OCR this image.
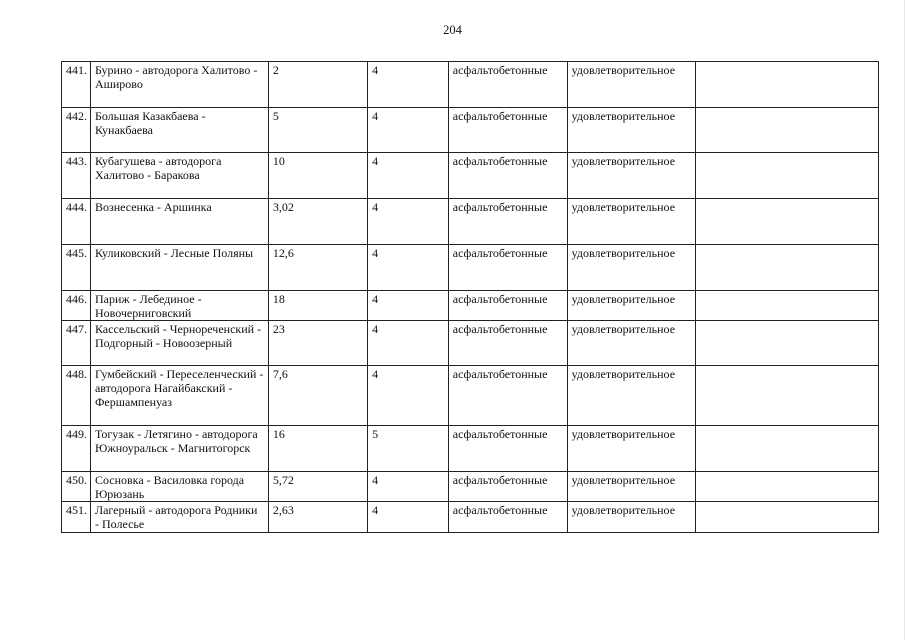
204
441.	Бурино - автодорога Халитово - Аширово	2	4	асфальтобетонные	удовлетворительное	
442.	Большая Казакбаева - Кунакбаева	5	4	асфальтобетонные	удовлетворительное	
443.	Кубагушева - автодорога Халитово - Баракова	10	4	асфальтобетонные	удовлетворительное	
444.	Вознесенка - Аршинка	3,02	4	асфальтобетонные	удовлетворительное	
445.	Куликовский - Лесные Поляны	12,6	4	асфальтобетонные	удовлетворительное	
446.	Париж - Лебединое - Новочерниговский	18	4	асфальтобетонные	удовлетворительное	
447.	Кассельский - Чернореченский - Подгорный - Новоозерный	23	4	асфальтобетонные	удовлетворительное	
448.	Гумбейский - Переселенческий - автодорога Нагайбакский - Фершампенуаз	7,6	4	асфальтобетонные	удовлетворительное	
449.	Тогузак - Летягино - автодорога Южноуральск - Магнитогорск	16	5	асфальтобетонные	удовлетворительное	
450.	Сосновка - Василовка города Юрюзань	5,72	4	асфальтобетонные	удовлетворительное	
451.	Лагерный - автодорога Родники - Полесье	2,63	4	асфальтобетонные	удовлетворительное	
